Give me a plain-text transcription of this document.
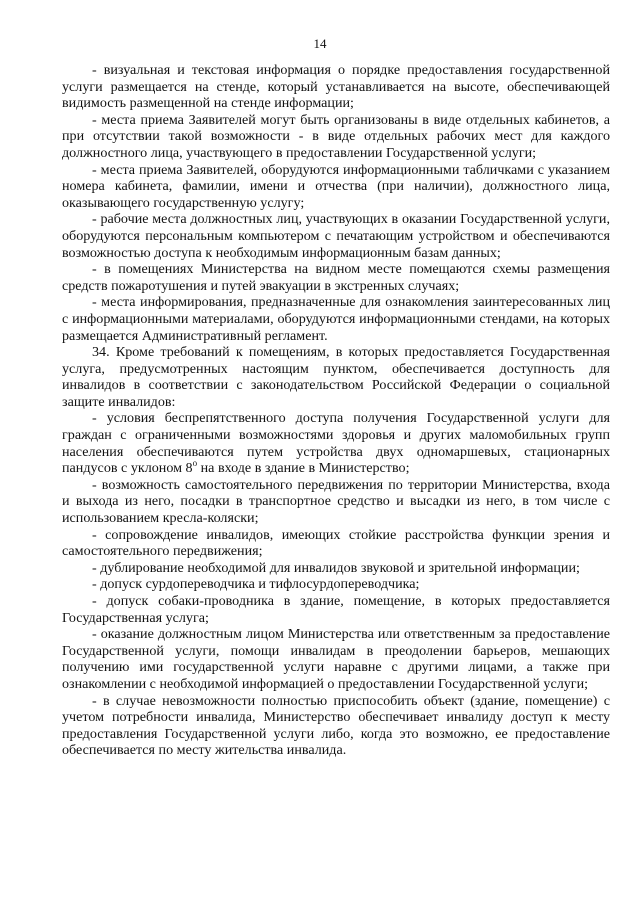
14

- визуальная и текстовая информация о порядке предоставления государственной услуги размещается на стенде, который устанавливается на высоте, обеспечивающей видимость размещенной на стенде информации;

- места приема Заявителей могут быть организованы в виде отдельных кабинетов, а при отсутствии такой возможности - в виде отдельных рабочих мест для каждого должностного лица, участвующего в предоставлении Государственной услуги;

- места приема Заявителей, оборудуются информационными табличками с указанием номера кабинета, фамилии, имени и отчества (при наличии), должностного лица, оказывающего государственную услугу;

- рабочие места должностных лиц, участвующих в оказании Государственной услуги, оборудуются персональным компьютером с печатающим устройством и обеспечиваются возможностью доступа к необходимым информационным базам данных;

- в помещениях Министерства на видном месте помещаются схемы размещения средств пожаротушения и путей эвакуации в экстренных случаях;

- места информирования, предназначенные для ознакомления заинтересованных лиц с информационными материалами, оборудуются информационными стендами, на которых размещается Административный регламент.

34. Кроме требований к помещениям, в которых предоставляется Государственная услуга, предусмотренных настоящим пунктом, обеспечивается доступность для инвалидов в соответствии с законодательством Российской Федерации о социальной защите инвалидов:

- условия беспрепятственного доступа получения Государственной услуги для граждан с ограниченными возможностями здоровья и других маломобильных групп населения обеспечиваются путем устройства двух одномаршевых, стационарных пандусов с уклоном $8^о$ на входе в здание в Министерство;

- возможность самостоятельного передвижения по территории Министерства, входа и выхода из него, посадки в транспортное средство и высадки из него, в том числе с использованием кресла-коляски;

- сопровождение инвалидов, имеющих стойкие расстройства функции зрения и самостоятельного передвижения;

- дублирование необходимой для инвалидов звуковой и зрительной информации;

- допуск сурдопереводчика и тифлосурдопереводчика;

- допуск собаки-проводника в здание, помещение, в которых предоставляется Государственная услуга;

- оказание должностным лицом Министерства или ответственным за предоставление Государственной услуги, помощи инвалидам в преодолении барьеров, мешающих получению ими государственной услуги наравне с другими лицами, а также при ознакомлении с необходимой информацией о предоставлении Государственной услуги;

- в случае невозможности полностью приспособить объект (здание, помещение) с учетом потребности инвалида, Министерство обеспечивает инвалиду доступ к месту предоставления Государственной услуги либо, когда это возможно, ее предоставление обеспечивается по месту жительства инвалида.
